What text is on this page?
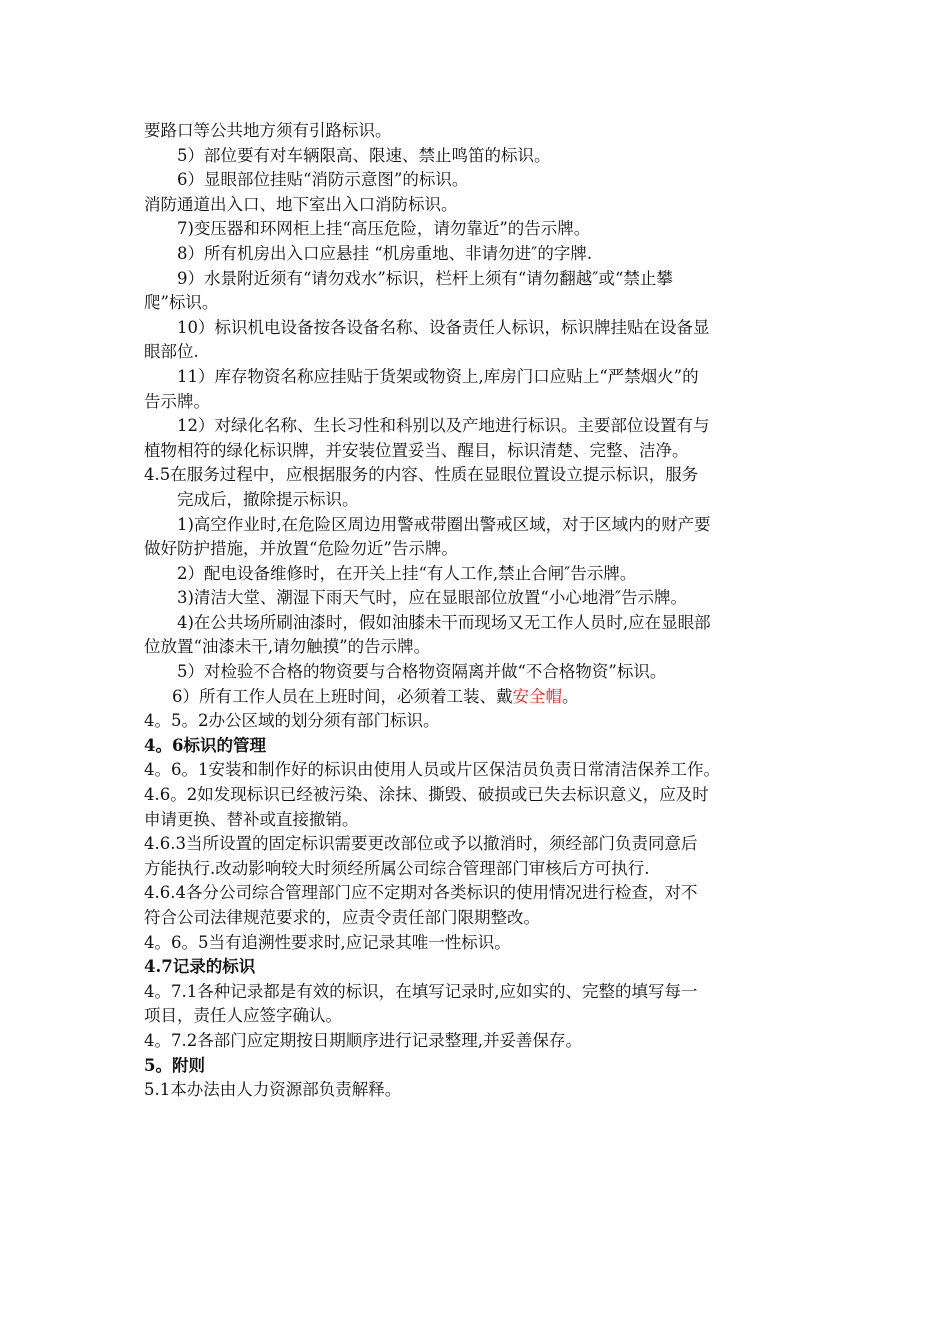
要路口等公共地方须有引路标识。
5）部位要有对车辆限高、限速、禁止鸣笛的标识。
6）显眼部位挂贴“消防示意图”的标识。
消防通道出入口、地下室出入口消防标识。
7)变压器和环网柜上挂“高压危险，请勿靠近”的告示牌。
8）所有机房出入口应悬挂 “机房重地、非请勿进″的字牌.
9）水景附近须有“请勿戏水”标识，栏杆上须有“请勿翻越″或“禁止攀
爬”标识。
10）标识机电设备按各设备名称、设备责任人标识，标识牌挂贴在设备显
眼部位.
11）库存物资名称应挂贴于货架或物资上,库房门口应贴上“严禁烟火”的
告示牌。
12）对绿化名称、生长习性和科别以及产地进行标识。主要部位设置有与
植物相符的绿化标识牌，并安装位置妥当、醒目，标识清楚、完整、洁净。
4.5在服务过程中，应根据服务的内容、性质在显眼位置设立提示标识，服务
完成后，撤除提示标识。
1)高空作业时,在危险区周边用警戒带圈出警戒区域，对于区域内的财产要
做好防护措施，并放置“危险勿近”告示牌。
2）配电设备维修时，在开关上挂“有人工作,禁止合闸″告示牌。
3)清洁大堂、潮湿下雨天气时，应在显眼部位放置“小心地滑″告示牌。
4)在公共场所刷油漆时，假如油膝未干而现场又无工作人员时,应在显眼部
位放置“油漆未干,请勿触摸”的告示牌。
5）对检验不合格的物资要与合格物资隔离并做“不合格物资”标识。
6）所有工作人员在上班时间，必须着工装、戴安全帽。
4。5。2办公区域的划分须有部门标识。
4。6标识的管理
4。6。1安装和制作好的标识由使用人员或片区保洁员负责日常清洁保养工作。
4.6。2如发现标识已经被污染、涂抹、撕毁、破损或已失去标识意义，应及时
申请更换、替补或直接撤销。
4.6.3当所设置的固定标识需要更改部位或予以撤消时，须经部门负责同意后
方能执行.改动影响较大时须经所属公司综合管理部门审核后方可执行.
4.6.4各分公司综合管理部门应不定期对各类标识的使用情况进行检查，对不
符合公司法律规范要求的，应责令责任部门限期整改。
4。6。5当有追溯性要求时,应记录其唯一性标识。
4.7记录的标识
4。7.1各种记录都是有效的标识，在填写记录时,应如实的、完整的填写每一
项目，责任人应签字确认。
4。7.2各部门应定期按日期顺序进行记录整理,并妥善保存。
5。附则
5.1本办法由人力资源部负责解释。
